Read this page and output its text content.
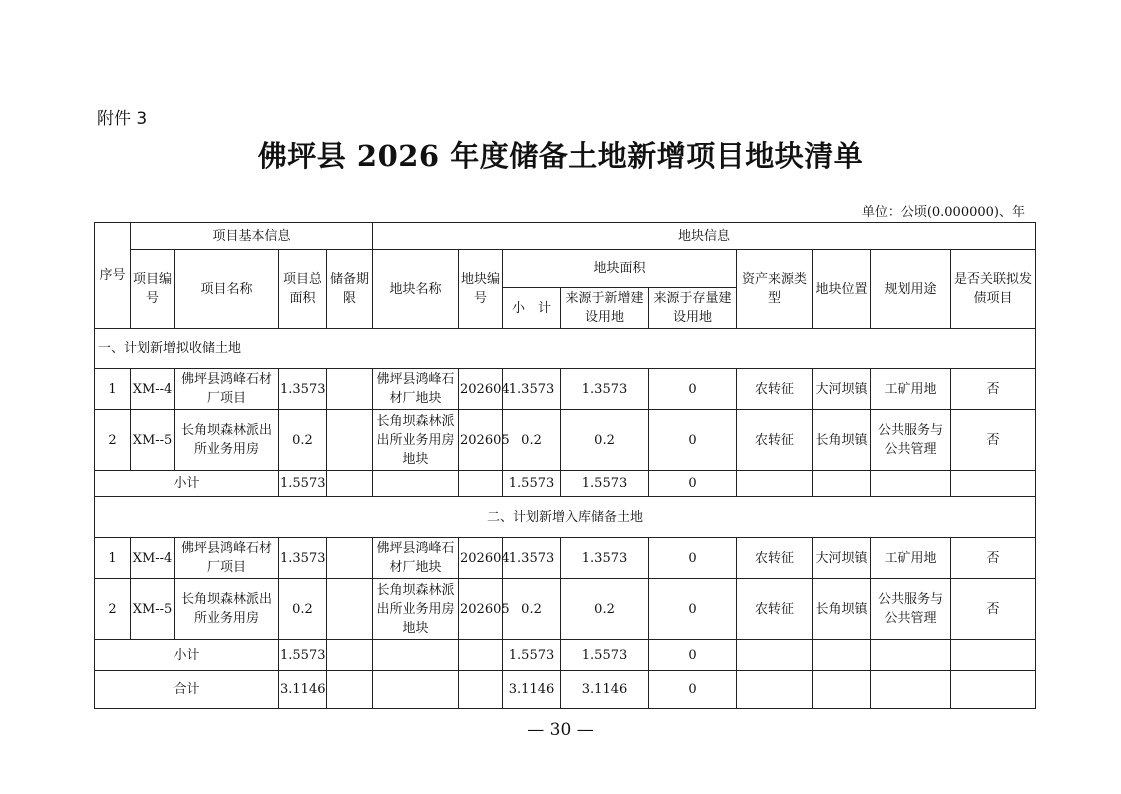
附件 3
佛坪县 2026 年度储备土地新增项目地块清单
单位：公顷(0.000000)、年
序号	项目基本信息				地块信息								
	项目编号	项目名称	项目总面积	储备期限	地块名称	地块编号	地块面积			资产来源类型	地块位置	规划用途	是否关联拟发债项目
							小　计	来源于新增建设用地	来源于存量建设用地				
一、计划新增拟收储土地													
1	XM--4	佛坪县鸿峰石材厂项目	1.3573		佛坪县鸿峰石材厂地块	202604	1.3573	1.3573	0	农转征	大河坝镇	工矿用地	否
2	XM--5	长角坝森林派出所业务用房	0.2		长角坝森林派出所业务用房地块	202605	0.2	0.2	0	农转征	长角坝镇	公共服务与公共管理	否
小计			1.5573				1.5573	1.5573	0				
二、计划新增入库储备土地													
1	XM--4	佛坪县鸿峰石材厂项目	1.3573		佛坪县鸿峰石材厂地块	202604	1.3573	1.3573	0	农转征	大河坝镇	工矿用地	否
2	XM--5	长角坝森林派出所业务用房	0.2		长角坝森林派出所业务用房地块	202605	0.2	0.2	0	农转征	长角坝镇	公共服务与公共管理	否
小计			1.5573				1.5573	1.5573	0				
合计			3.1146				3.1146	3.1146	0				
— 30 —
